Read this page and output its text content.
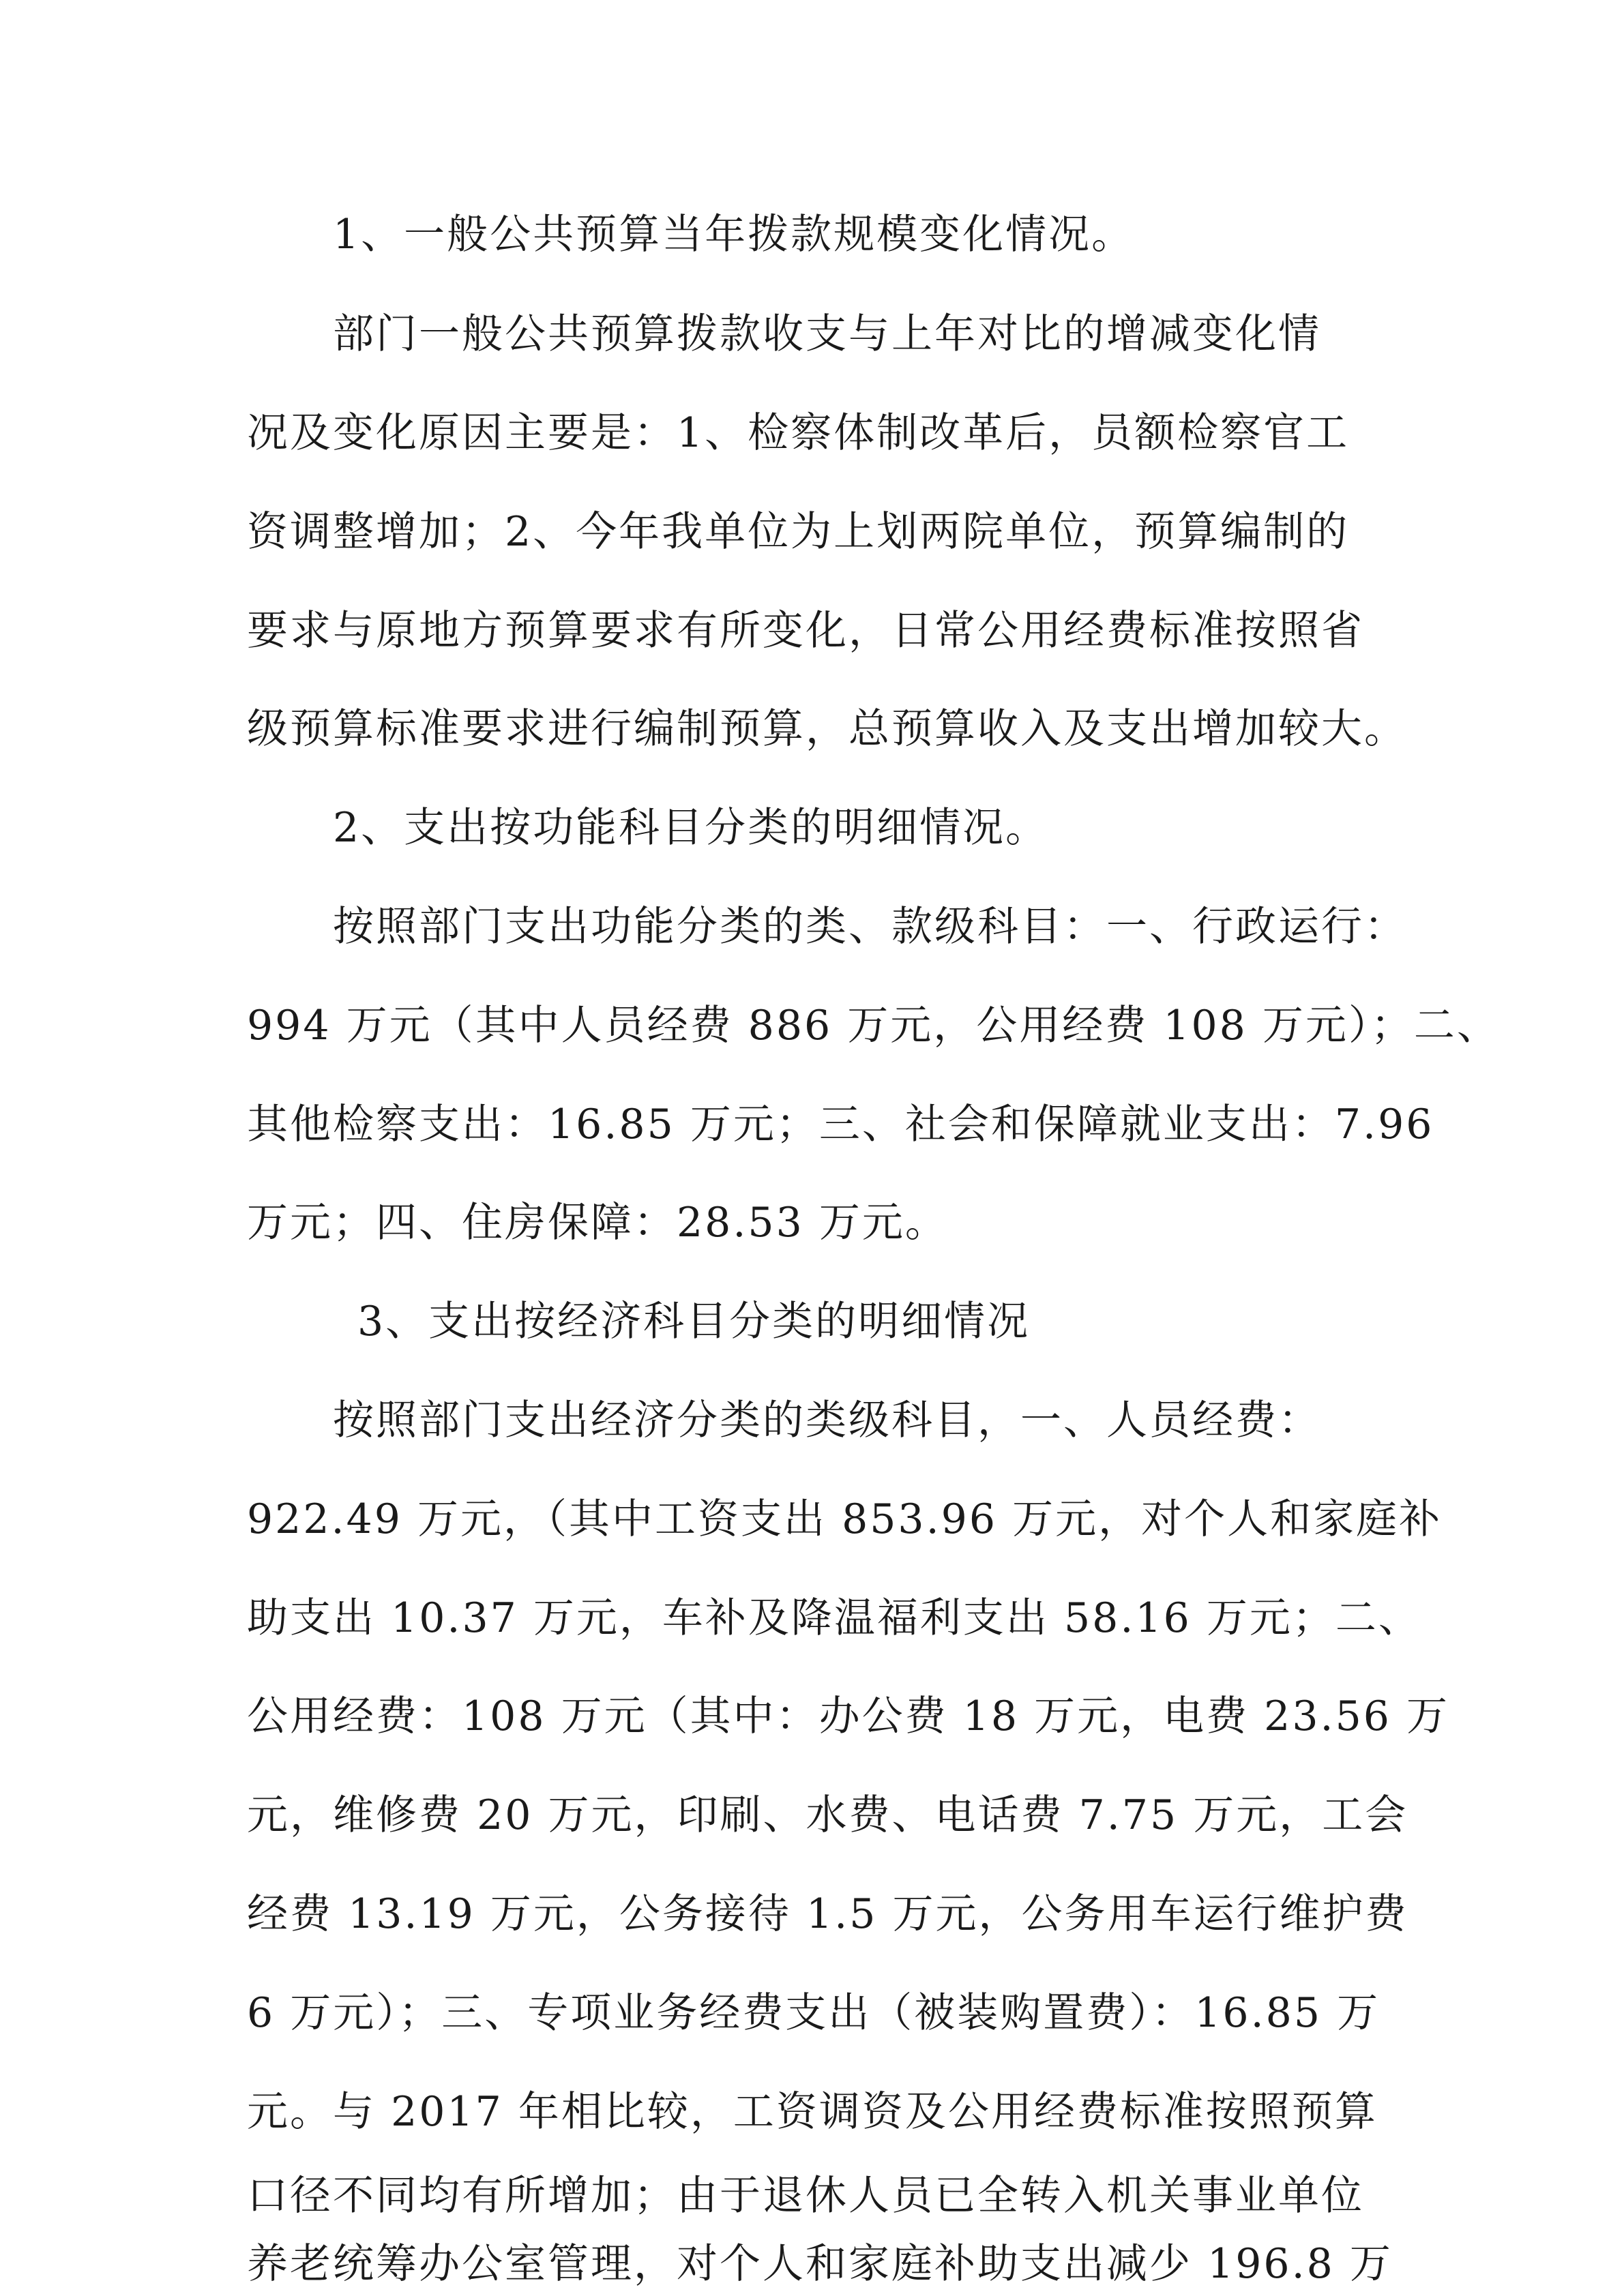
1、一般公共预算当年拨款规模变化情况。
部门一般公共预算拨款收支与上年对比的增减变化情
况及变化原因主要是：1、检察体制改革后，员额检察官工
资调整增加；2、今年我单位为上划两院单位，预算编制的
要求与原地方预算要求有所变化，日常公用经费标准按照省
级预算标准要求进行编制预算，总预算收入及支出增加较大。
2、支出按功能科目分类的明细情况。
按照部门支出功能分类的类、款级科目：一、行政运行：
994 万元（其中人员经费 886 万元，公用经费 108 万元）；二、
其他检察支出：16.85 万元；三、社会和保障就业支出：7.96
万元；四、住房保障：28.53 万元。
3、支出按经济科目分类的明细情况
按照部门支出经济分类的类级科目，一、人员经费：
922.49 万元，（其中工资支出 853.96 万元，对个人和家庭补
助支出 10.37 万元，车补及降温福利支出 58.16 万元；二、
公用经费：108 万元（其中：办公费 18 万元，电费 23.56 万
元，维修费 20 万元，印刷、水费、电话费 7.75 万元，工会
经费 13.19 万元，公务接待 1.5 万元，公务用车运行维护费
6 万元）；三、专项业务经费支出（被装购置费）：16.85 万
元。与 2017 年相比较，工资调资及公用经费标准按照预算
口径不同均有所增加；由于退休人员已全转入机关事业单位
养老统筹办公室管理，对个人和家庭补助支出减少 196.8 万
